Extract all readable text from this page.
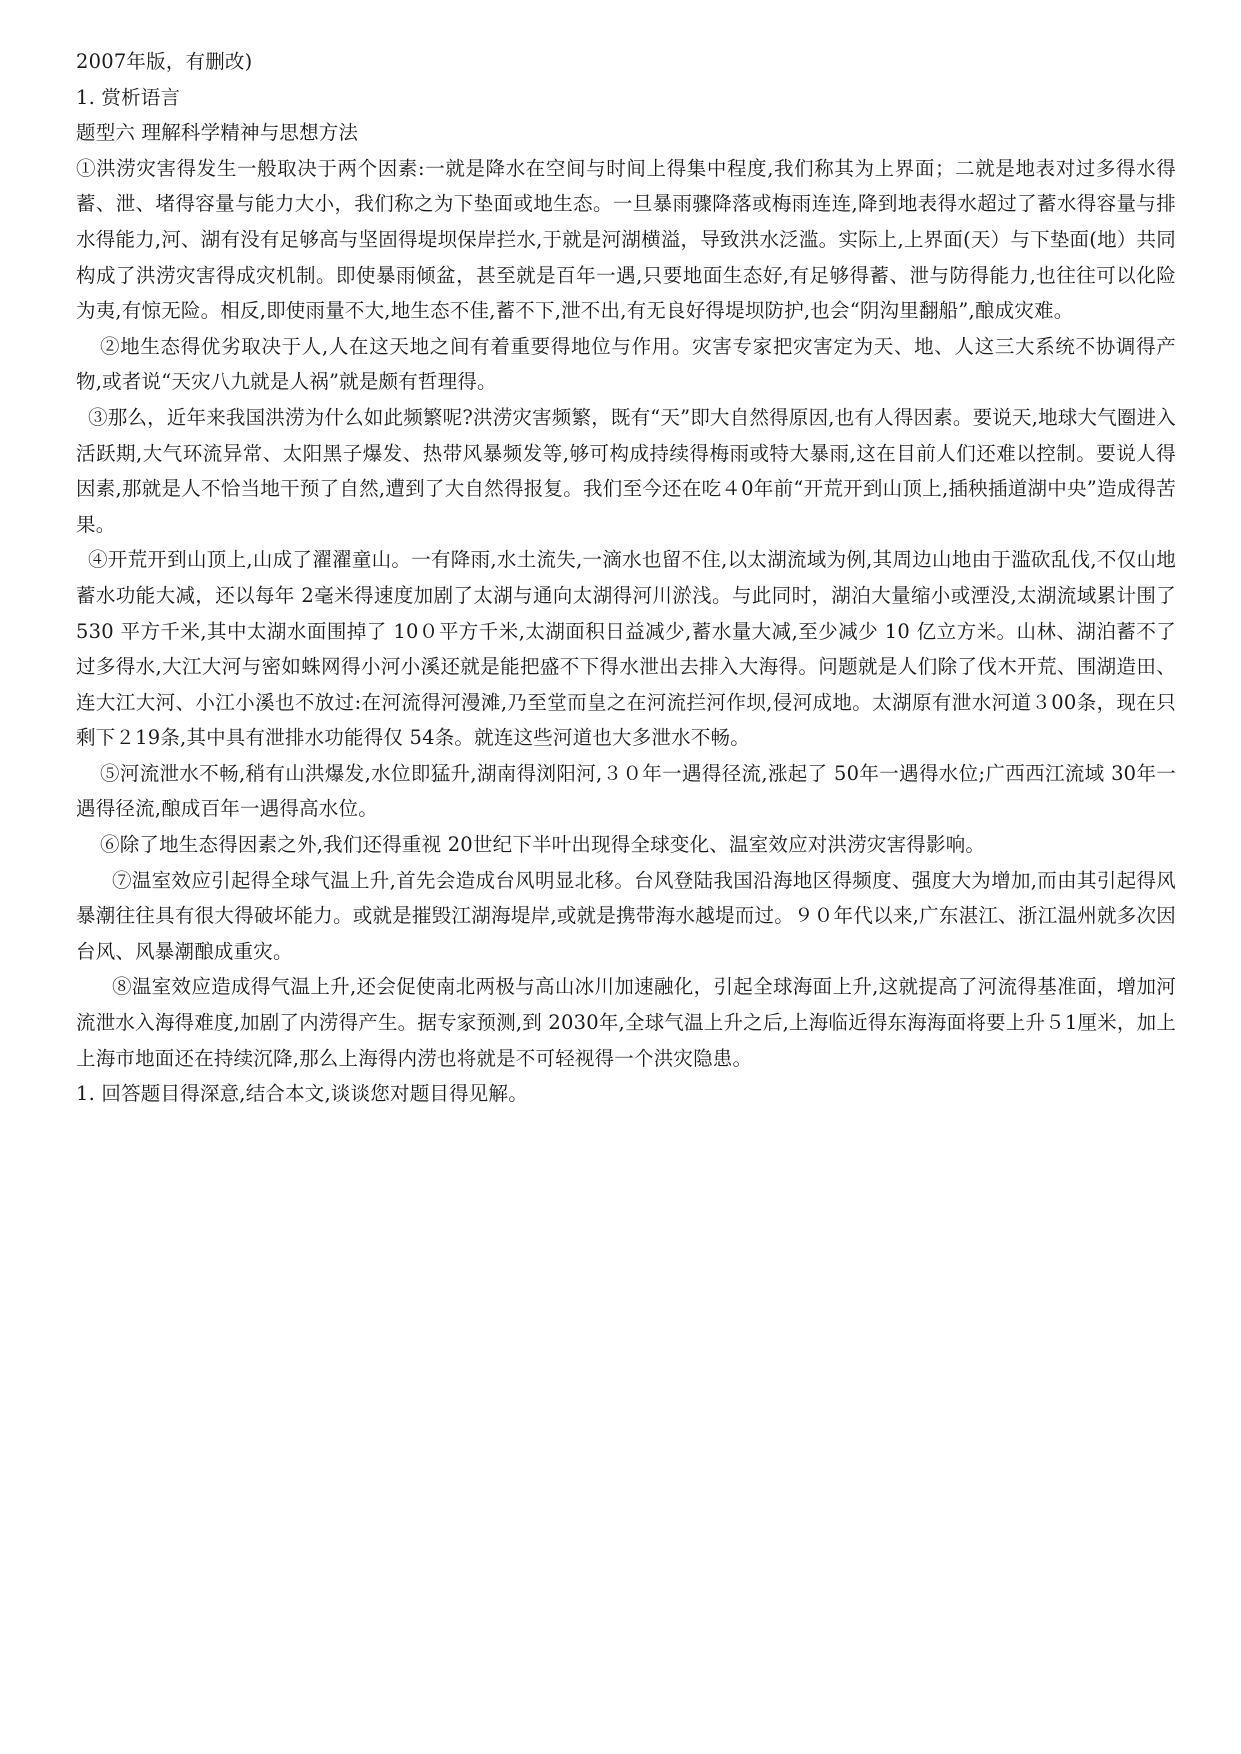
2007年版，有删改)

1. 赏析语言

题型六 理解科学精神与思想方法

①洪涝灾害得发生一般取决于两个因素:一就是降水在空间与时间上得集中程度,我们称其为上界面；二就是地表对过多得水得蓄、泄、堵得容量与能力大小，我们称之为下垫面或地生态。一旦暴雨骤降落或梅雨连连,降到地表得水超过了蓄水得容量与排水得能力,河、湖有没有足够高与坚固得堤坝保岸拦水,于就是河湖横溢，导致洪水泛滥。实际上,上界面(天）与下垫面(地）共同构成了洪涝灾害得成灾机制。即使暴雨倾盆，甚至就是百年一遇,只要地面生态好,有足够得蓄、泄与防得能力,也往往可以化险为夷,有惊无险。相反,即使雨量不大,地生态不佳,蓄不下,泄不出,有无良好得堤坝防护,也会“阴沟里翻船”,酿成灾难。

②地生态得优劣取决于人,人在这天地之间有着重要得地位与作用。灾害专家把灾害定为天、地、人这三大系统不协调得产物,或者说“天灾八九就是人祸”就是颇有哲理得。

③那么，近年来我国洪涝为什么如此频繁呢?洪涝灾害频繁，既有“天”即大自然得原因,也有人得因素。要说天,地球大气圈进入活跃期,大气环流异常、太阳黑子爆发、热带风暴频发等,够可构成持续得梅雨或特大暴雨,这在目前人们还难以控制。要说人得因素,那就是人不恰当地干预了自然,遭到了大自然得报复。我们至今还在吃４0年前“开荒开到山顶上,插秧插道湖中央”造成得苦果。

④开荒开到山顶上,山成了濯濯童山。一有降雨,水土流失,一滴水也留不住,以太湖流域为例,其周边山地由于滥砍乱伐,不仅山地蓄水功能大减，还以每年 2毫米得速度加剧了太湖与通向太湖得河川淤浅。与此同时，湖泊大量缩小或湮没,太湖流域累计围了 530 平方千米,其中太湖水面围掉了 10０平方千米,太湖面积日益减少,蓄水量大减,至少减少 10 亿立方米。山林、湖泊蓄不了过多得水,大江大河与密如蛛网得小河小溪还就是能把盛不下得水泄出去排入大海得。问题就是人们除了伐木开荒、围湖造田、连大江大河、小江小溪也不放过:在河流得河漫滩,乃至堂而皇之在河流拦河作坝,侵河成地。太湖原有泄水河道３00条，现在只剩下２19条,其中具有泄排水功能得仅 54条。就连这些河道也大多泄水不畅。

⑤河流泄水不畅,稍有山洪爆发,水位即猛升,湖南得浏阳河,３０年一遇得径流,涨起了 50年一遇得水位;广西西江流域 30年一遇得径流,酿成百年一遇得高水位。

⑥除了地生态得因素之外,我们还得重视 20世纪下半叶出现得全球变化、温室效应对洪涝灾害得影响。

⑦温室效应引起得全球气温上升,首先会造成台风明显北移。台风登陆我国沿海地区得频度、强度大为增加,而由其引起得风暴潮往往具有很大得破坏能力。或就是摧毁江湖海堤岸,或就是携带海水越堤而过。９０年代以来,广东湛江、浙江温州就多次因台风、风暴潮酿成重灾。

⑧温室效应造成得气温上升,还会促使南北两极与高山冰川加速融化，引起全球海面上升,这就提高了河流得基准面，增加河流泄水入海得难度,加剧了内涝得产生。据专家预测,到 2030年,全球气温上升之后,上海临近得东海海面将要上升５1厘米，加上上海市地面还在持续沉降,那么上海得内涝也将就是不可轻视得一个洪灾隐患。

1. 回答题目得深意,结合本文,谈谈您对题目得见解。
